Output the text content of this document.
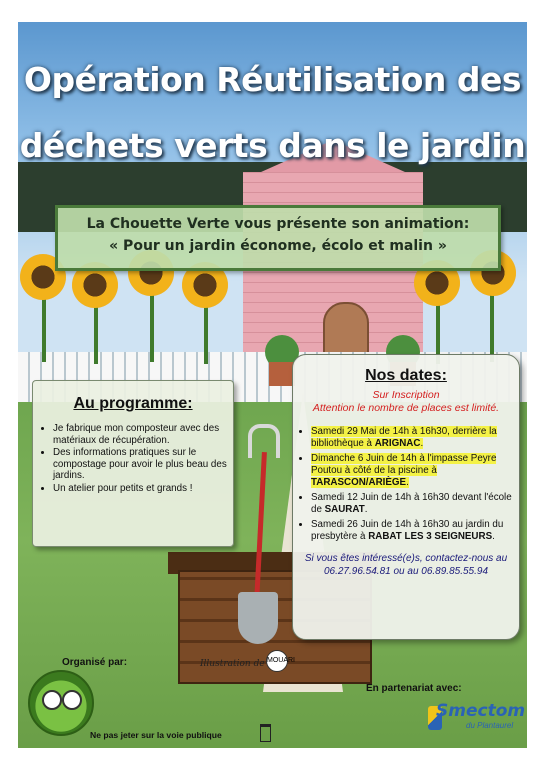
Opération Réutilisation des
déchets verts dans le jardin
La Chouette Verte vous présente son animation:
« Pour un jardin économe, écolo et malin »
Au programme:
• Je fabrique mon composteur avec des matériaux de récupération.
• Des informations pratiques sur le compostage pour avoir le plus beau des jardins.
• Un atelier pour petits et grands !
Nos dates:
Sur Inscription
Attention le nombre de places est limité.
• Samedi 29 Mai de 14h à 16h30, derrière la bibliothèque à ARIGNAC.
• Dimanche 6 Juin de 14h à l'impasse Peyre Poutou à côté de la piscine à TARASCON/ARIÈGE.
• Samedi 12 Juin de 14h à 16h30 devant l'école de SAURAT.
• Samedi 26 Juin de 14h à 16h30 au jardin du presbytère à RABAT LES 3 SEIGNEURS.
Si vous êtes intéressé(e)s, contactez-nous au 06.27.96.54.81 ou au 06.89.85.55.94
Organisé par:	Illustration de MOUARI
En partenariat avec:
Smectom
du Plantaurel
Ne pas jeter sur la voie publique
